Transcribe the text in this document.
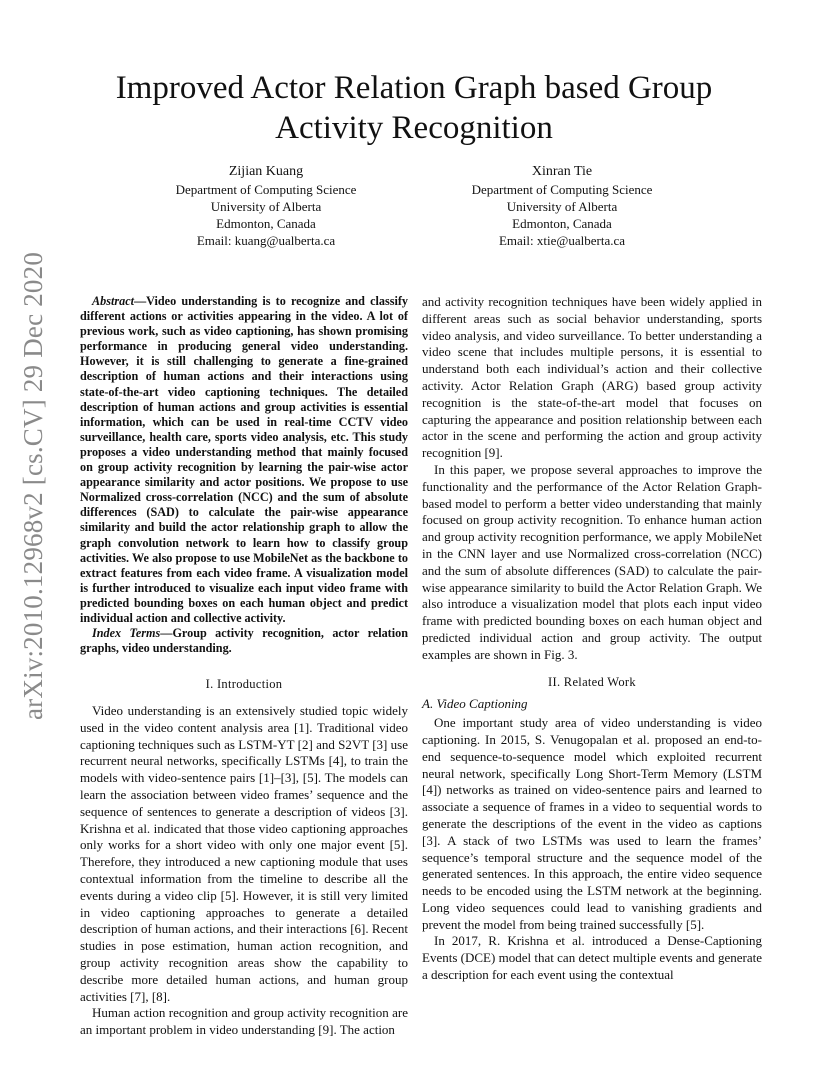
arXiv:2010.12968v2 [cs.CV] 29 Dec 2020
Improved Actor Relation Graph based Group Activity Recognition
Zijian Kuang
Department of Computing Science
University of Alberta
Edmonton, Canada
Email: kuang@ualberta.ca
Xinran Tie
Department of Computing Science
University of Alberta
Edmonton, Canada
Email: xtie@ualberta.ca

Abstract—Video understanding is to recognize and classify different actions or activities appearing in the video. A lot of previous work, such as video captioning, has shown promising performance in producing general video understanding. However, it is still challenging to generate a fine-grained description of human actions and their interactions using state-of-the-art video captioning techniques. The detailed description of human actions and group activities is essential information, which can be used in real-time CCTV video surveillance, health care, sports video analysis, etc. This study proposes a video understanding method that mainly focused on group activity recognition by learning the pair-wise actor appearance similarity and actor positions. We propose to use Normalized cross-correlation (NCC) and the sum of absolute differences (SAD) to calculate the pair-wise appearance similarity and build the actor relationship graph to allow the graph convolution network to learn how to classify group activities. We also propose to use MobileNet as the backbone to extract features from each video frame. A visualization model is further introduced to visualize each input video frame with predicted bounding boxes on each human object and predict individual action and collective activity.

Index Terms—Group activity recognition, actor relation graphs, video understanding.

I. Introduction

Video understanding is an extensively studied topic widely used in the video content analysis area [1]. Traditional video captioning techniques such as LSTM-YT [2] and S2VT [3] use recurrent neural networks, specifically LSTMs [4], to train the models with video-sentence pairs [1]–[3], [5]. The models can learn the association between video frames’ sequence and the sequence of sentences to generate a description of videos [3]. Krishna et al. indicated that those video captioning approaches only works for a short video with only one major event [5]. Therefore, they introduced a new captioning module that uses contextual information from the timeline to describe all the events during a video clip [5]. However, it is still very limited in video captioning approaches to generate a detailed description of human actions, and their interactions [6]. Recent studies in pose estimation, human action recognition, and group activity recognition areas show the capability to describe more detailed human actions, and human group activities [7], [8].

Human action recognition and group activity recognition are an important problem in video understanding [9]. The action

and activity recognition techniques have been widely applied in different areas such as social behavior understanding, sports video analysis, and video surveillance. To better understanding a video scene that includes multiple persons, it is essential to understand both each individual’s action and their collective activity. Actor Relation Graph (ARG) based group activity recognition is the state-of-the-art model that focuses on capturing the appearance and position relationship between each actor in the scene and performing the action and group activity recognition [9].

In this paper, we propose several approaches to improve the functionality and the performance of the Actor Relation Graph-based model to perform a better video understanding that mainly focused on group activity recognition. To enhance human action and group activity recognition performance, we apply MobileNet in the CNN layer and use Normalized cross-correlation (NCC) and the sum of absolute differences (SAD) to calculate the pair-wise appearance similarity to build the Actor Relation Graph. We also introduce a visualization model that plots each input video frame with predicted bounding boxes on each human object and predicted individual action and group activity. The output examples are shown in Fig. 3.

II. Related Work
A. Video Captioning

One important study area of video understanding is video captioning. In 2015, S. Venugopalan et al. proposed an end-to-end sequence-to-sequence model which exploited recurrent neural network, specifically Long Short-Term Memory (LSTM [4]) networks as trained on video-sentence pairs and learned to associate a sequence of frames in a video to sequential words to generate the descriptions of the event in the video as captions [3]. A stack of two LSTMs was used to learn the frames’ sequence’s temporal structure and the sequence model of the generated sentences. In this approach, the entire video sequence needs to be encoded using the LSTM network at the beginning. Long video sequences could lead to vanishing gradients and prevent the model from being trained successfully [5].

In 2017, R. Krishna et al. introduced a Dense-Captioning Events (DCE) model that can detect multiple events and generate a description for each event using the contextual
